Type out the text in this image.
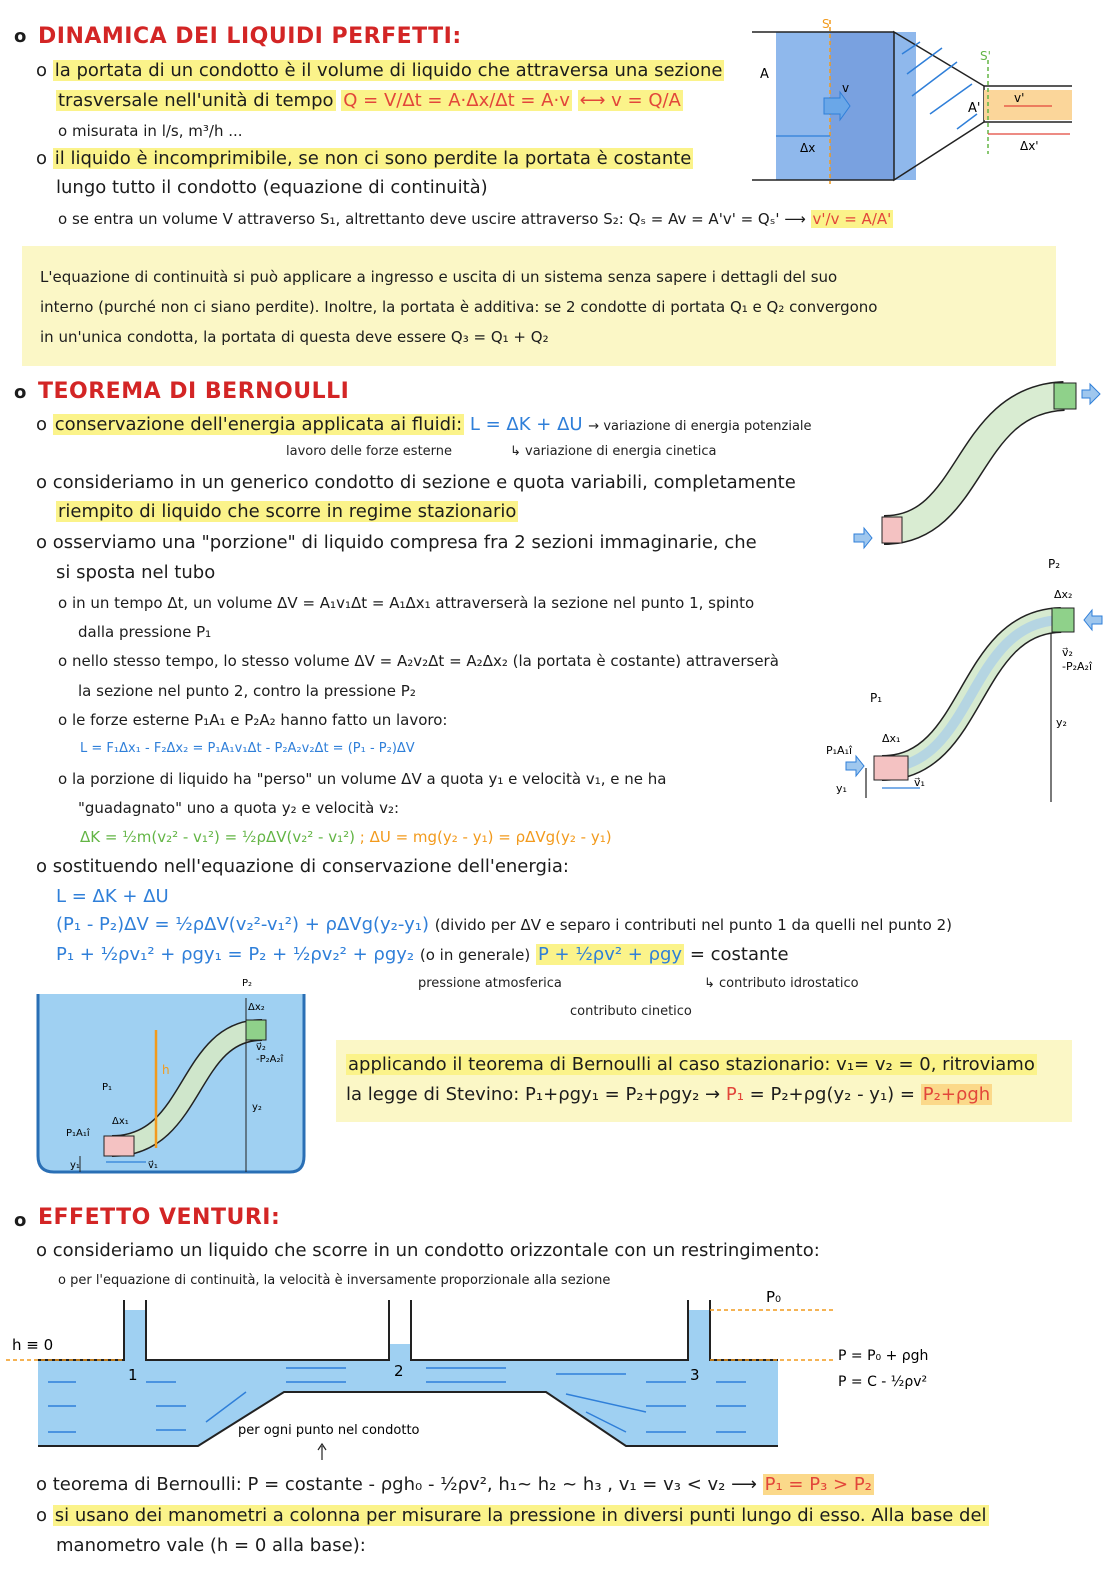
o DINAMICA DEI LIQUIDI PERFETTI:
o la portata di un condotto è il volume di liquido che attraversa una sezione
trasversale nell'unità di tempo Q = V/Δt = A·Δx/Δt = A·v ⟷ v = Q/A
o misurata in l/s, m³/h ...
o il liquido è incomprimibile, se non ci sono perdite la portata è costante
lungo tutto il condotto (equazione di continuità)
o se entra un volume V attraverso S₁, altrettanto deve uscire attraverso S₂: Qₛ = Av = A'v' = Qₛ' ⟶ v'/v = A/A'
S
S'
A
A'
v
v'
Δx	Δx'
L'equazione di continuità si può applicare a ingresso e uscita di un sistema senza sapere i dettagli del suo
interno (purché non ci siano perdite). Inoltre, la portata è additiva: se 2 condotte di portata Q₁ e Q₂ convergono
in un'unica condotta, la portata di questa deve essere Q₃ = Q₁ + Q₂
o TEOREMA DI BERNOULLI
o conservazione dell'energia applicata ai fluidi: L = ΔK + ΔU → variazione di energia potenziale
lavoro delle forze esterne	↳ variazione di energia cinetica
o consideriamo in un generico condotto di sezione e quota variabili, completamente
riempito di liquido che scorre in regime stazionario
o osserviamo una "porzione" di liquido compresa fra 2 sezioni immaginarie, che
si sposta nel tubo
o in un tempo Δt, un volume ΔV = A₁v₁Δt = A₁Δx₁ attraverserà la sezione nel punto 1, spinto
dalla pressione P₁
o nello stesso tempo, lo stesso volume ΔV = A₂v₂Δt = A₂Δx₂ (la portata è costante) attraverserà
la sezione nel punto 2, contro la pressione P₂
o le forze esterne P₁A₁ e P₂A₂ hanno fatto un lavoro:
L = F₁Δx₁ - F₂Δx₂ = P₁A₁v₁Δt - P₂A₂v₂Δt = (P₁ - P₂)ΔV
o la porzione di liquido ha "perso" un volume ΔV a quota y₁ e velocità v₁, e ne ha
"guadagnato" uno a quota y₂ e velocità v₂:
ΔK = ½m(v₂² - v₁²) = ½ρΔV(v₂² - v₁²) ; ΔU = mg(y₂ - y₁) = ρΔVg(y₂ - y₁)
o sostituendo nell'equazione di conservazione dell'energia:
L = ΔK + ΔU
(P₁ - P₂)ΔV = ½ρΔV(v₂²-v₁²) + ρΔVg(y₂-y₁) (divido per ΔV e separo i contributi nel punto 1 da quelli nel punto 2)
P₁ + ½ρv₁² + ρgy₁ = P₂ + ½ρv₂² + ρgy₂ (o in generale) P + ½ρv² + ρgy = costante
pressione atmosferica
contributo cinetico
↳ contributo idrostatico
P₂
Δx₂
v⃗₂
-P₂A₂î
P₁
Δx₁
P₁A₁î
y₁	v⃗₁
y₂
h
P₂
Δx₂
v⃗₂
-P₂A₂î
P₁
Δx₁
P₁A₁î
y₁	v⃗₁
y₂
applicando il teorema di Bernoulli al caso stazionario: v₁= v₂ = 0, ritroviamo
la legge di Stevino: P₁+ρgy₁ = P₂+ρgy₂ → P₁ = P₂+ρg(y₂ - y₁) = P₂+ρgh
o EFFETTO VENTURI:
o consideriamo un liquido che scorre in un condotto orizzontale con un restringimento:
o per l'equazione di continuità, la velocità è inversamente proporzionale alla sezione
h ≡ 0
P₀
1	2	3
P = P₀ + ρgh
P = C - ½ρv²
per ogni punto nel condotto
o teorema di Bernoulli: P = costante - ρgh₀ - ½ρv², h₁~ h₂ ~ h₃ , v₁ = v₃ < v₂ ⟶ P₁ = P₃ > P₂
o si usano dei manometri a colonna per misurare la pressione in diversi punti lungo di esso. Alla base del
manometro vale (h = 0 alla base):
